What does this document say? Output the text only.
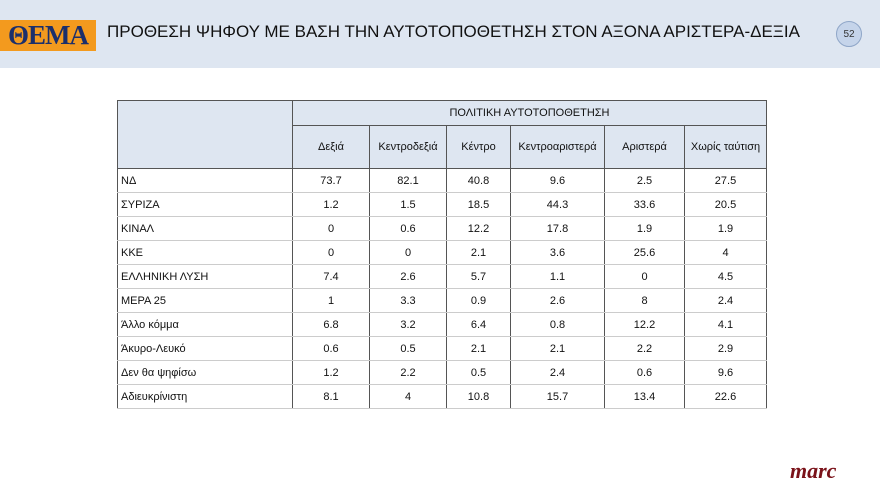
ΘΕΜΑ ΠΡΟΘΕΣΗ ΨΗΦΟΥ ΜΕ ΒΑΣΗ ΤΗΝ ΑΥΤΟΤΟΠΟΘΕΤΗΣΗ ΣΤΟΝ ΑΞΟΝΑ ΑΡΙΣΤΕΡΑ-ΔΕΞΙΑ	52
	ΠΟΛΙΤΙΚΗ ΑΥΤΟΤΟΠΟΘΕΤΗΣΗ					
	Δεξιά	Κεντροδεξιά	Κέντρο	Κεντροαριστερά	Αριστερά	Χωρίς ταύτιση
ΝΔ	73.7	82.1	40.8	9.6	2.5	27.5
ΣΥΡΙΖΑ	1.2	1.5	18.5	44.3	33.6	20.5
ΚΙΝΑΛ	0	0.6	12.2	17.8	1.9	1.9
ΚΚΕ	0	0	2.1	3.6	25.6	4
ΕΛΛΗΝΙΚΗ ΛΥΣΗ	7.4	2.6	5.7	1.1	0	4.5
ΜΕΡΑ 25	1	3.3	0.9	2.6	8	2.4
Άλλο κόμμα	6.8	3.2	6.4	0.8	12.2	4.1
Άκυρο-Λευκό	0.6	0.5	2.1	2.1	2.2	2.9
Δεν θα ψηφίσω	1.2	2.2	0.5	2.4	0.6	9.6
Αδιευκρίνιστη	8.1	4	10.8	15.7	13.4	22.6
marc
